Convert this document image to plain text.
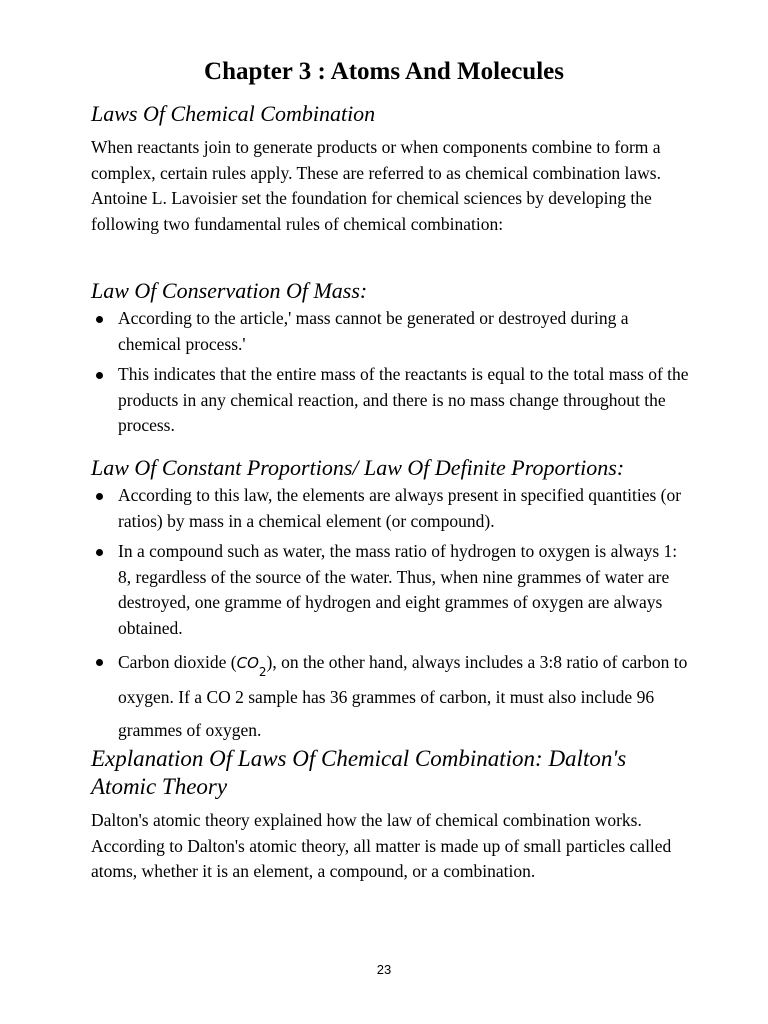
Chapter 3 : Atoms And Molecules
Laws Of Chemical Combination

When reactants join to generate products or when components combine to form a complex, certain rules apply. These are referred to as chemical combination laws. Antoine L. Lavoisier set the foundation for chemical sciences by developing the following two fundamental rules of chemical combination:

Law Of Conservation Of Mass:
According to the article,' mass cannot be generated or destroyed during a chemical process.'
This indicates that the entire mass of the reactants is equal to the total mass of the products in any chemical reaction, and there is no mass change throughout the process.
Law Of Constant Proportions/ Law Of Definite Proportions:
According to this law, the elements are always present in specified quantities (or ratios) by mass in a chemical element (or compound).
In a compound such as water, the mass ratio of hydrogen to oxygen is always 1: 8, regardless of the source of the water. Thus, when nine grammes of water are destroyed, one gramme of hydrogen and eight grammes of oxygen are always obtained.
Carbon dioxide $(CO_2)$, on the other hand, always includes a 3:8 ratio of carbon to oxygen. If a CO 2 sample has 36 grammes of carbon, it must also include 96 grammes of oxygen.
Explanation Of Laws Of Chemical Combination: Dalton's Atomic Theory

Dalton's atomic theory explained how the law of chemical combination works. According to Dalton's atomic theory, all matter is made up of small particles called atoms, whether it is an element, a compound, or a combination.

23
